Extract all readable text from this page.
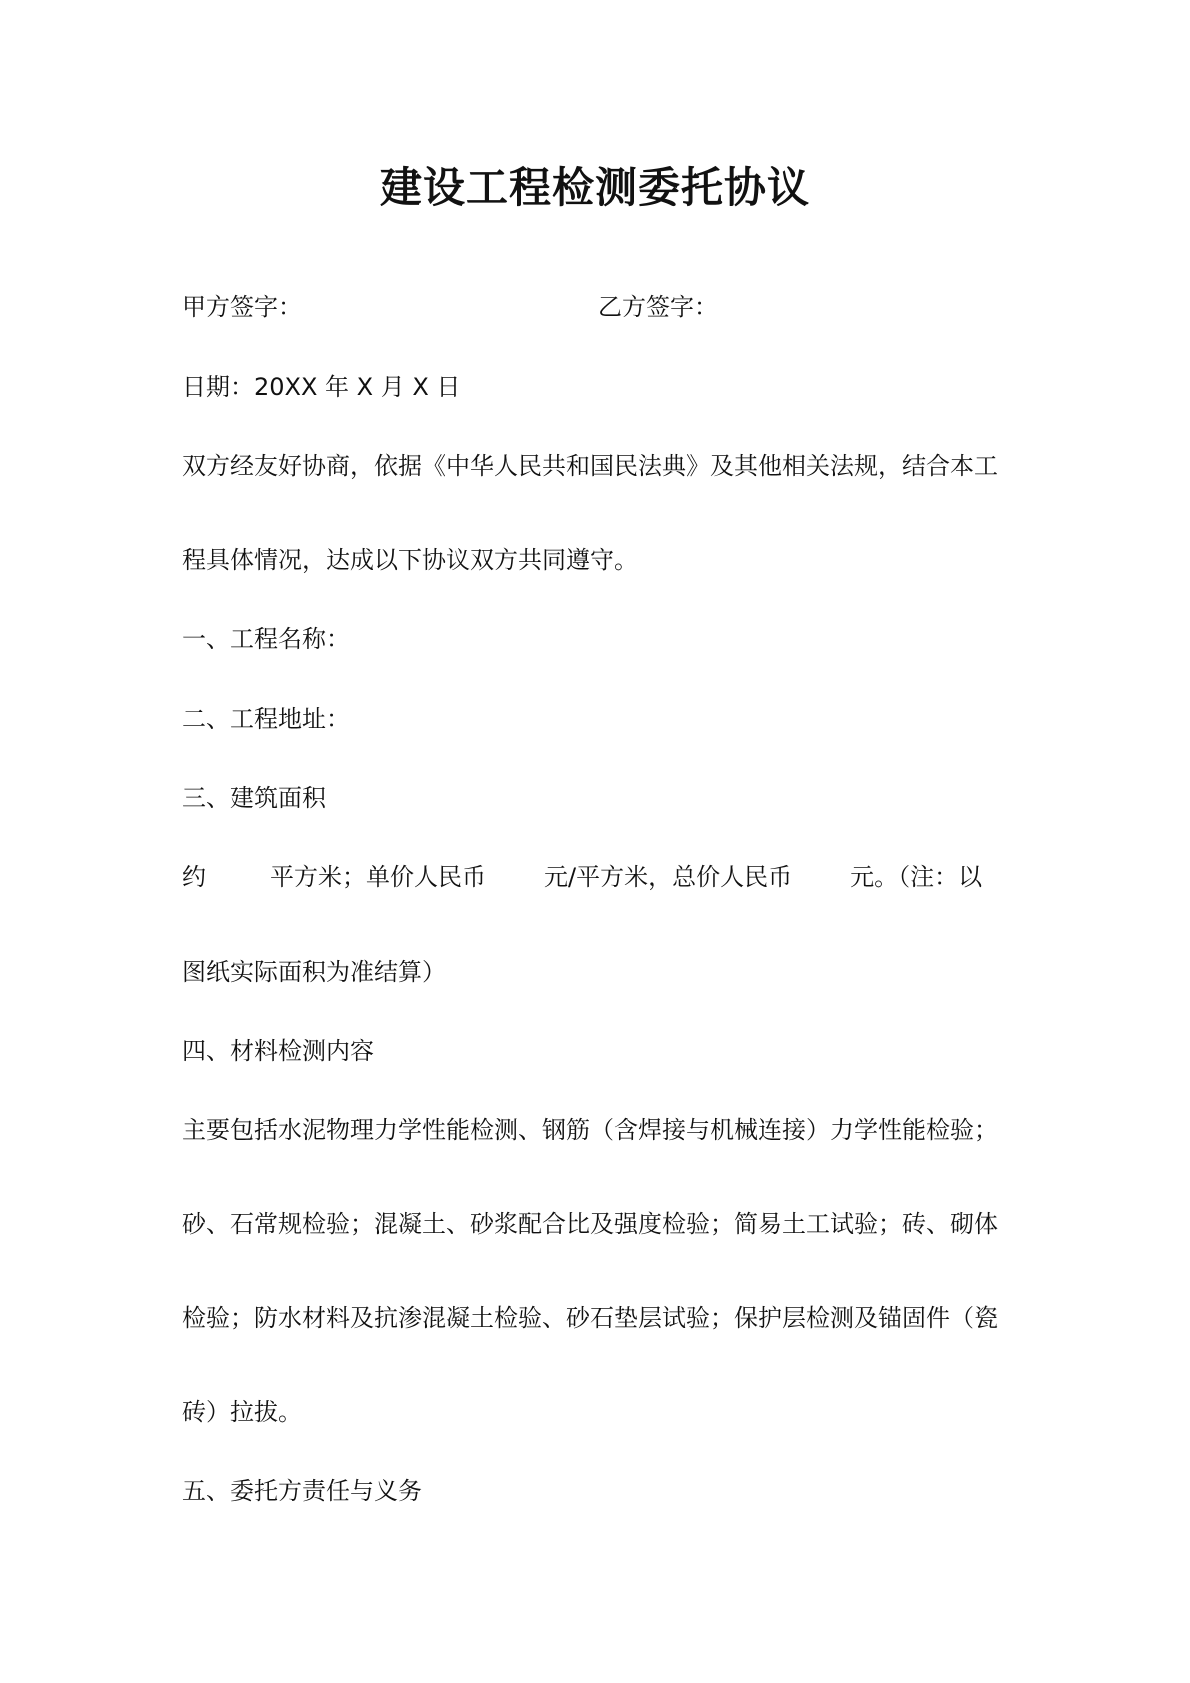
建设工程检测委托协议
甲方签字：	乙方签字：
日期：20XX 年 X 月 X 日
双方经友好协商，依据《中华人民共和国民法典》及其他相关法规，结合本工
程具体情况，达成以下协议双方共同遵守。
一、工程名称：
二、工程地址：
三、建筑面积
约	平方米；单价人民币 元/平方米，总价人民币 元。（注：以
图纸实际面积为准结算）
四、材料检测内容
主要包括水泥物理力学性能检测、钢筋（含焊接与机械连接）力学性能检验；
砂、石常规检验；混凝土、砂浆配合比及强度检验；简易土工试验；砖、砌体
检验；防水材料及抗渗混凝土检验、砂石垫层试验；保护层检测及锚固件（瓷
砖）拉拔。
五、委托方责任与义务
